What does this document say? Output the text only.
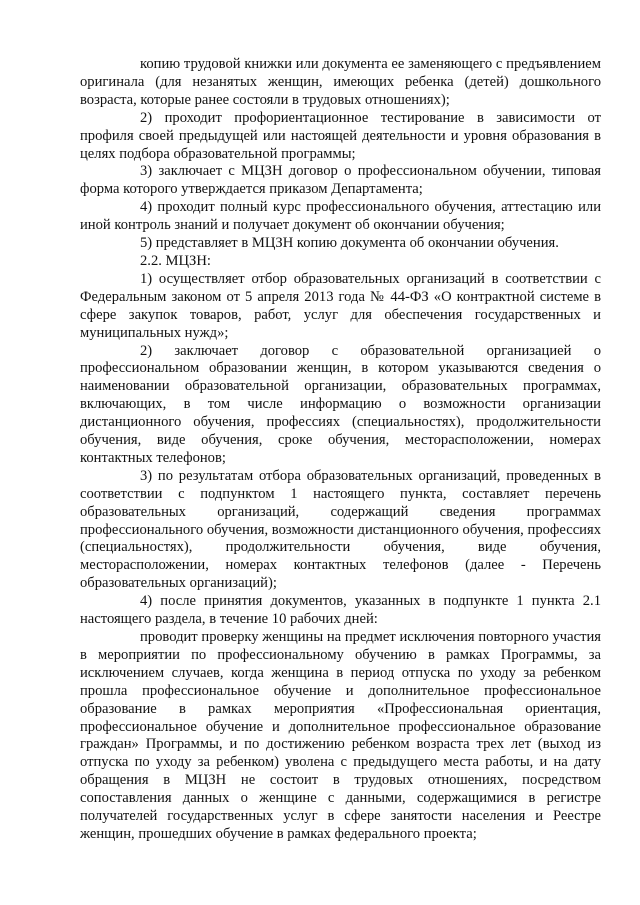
копию трудовой книжки или документа ее заменяющего с предъявлением оригинала (для незанятых женщин, имеющих ребенка (детей) дошкольного возраста, которые ранее состояли в трудовых отношениях);

2) проходит профориентационное тестирование в зависимости от профиля своей предыдущей или настоящей деятельности и уровня образования в целях подбора образовательной программы;

3) заключает с МЦЗН договор о профессиональном обучении, типовая форма которого утверждается приказом Департамента;

4) проходит полный курс профессионального обучения, аттестацию или иной контроль знаний и получает документ об окончании обучения;

5) представляет в МЦЗН копию документа об окончании обучения.

2.2. МЦЗН:

1) осуществляет отбор образовательных организаций в соответствии с Федеральным законом от 5 апреля 2013 года № 44-ФЗ «О контрактной системе в сфере закупок товаров, работ, услуг для обеспечения государственных и муниципальных нужд»;

2) заключает договор с образовательной организацией о профессиональном образовании женщин, в котором указываются сведения о наименовании образовательной организации, образовательных программах, включающих, в том числе информацию о возможности организации дистанционного обучения, профессиях (специальностях), продолжительности обучения, виде обучения, сроке обучения, месторасположении, номерах контактных телефонов;

3) по результатам отбора образовательных организаций, проведенных в соответствии с подпунктом 1 настоящего пункта, составляет перечень образовательных организаций, содержащий сведения программах профессионального обучения, возможности дистанционного обучения, профессиях (специальностях), продолжительности обучения, виде обучения, месторасположении, номерах контактных телефонов (далее - Перечень образовательных организаций);

4) после принятия документов, указанных в подпункте 1 пункта 2.1 настоящего раздела, в течение 10 рабочих дней:

проводит проверку женщины на предмет исключения повторного участия в мероприятии по профессиональному обучению в рамках Программы, за исключением случаев, когда женщина в период отпуска по уходу за ребенком прошла профессиональное обучение и дополнительное профессиональное образование в рамках мероприятия «Профессиональная ориентация, профессиональное обучение и дополнительное профессиональное образование граждан» Программы, и по достижению ребенком возраста трех лет (выход из отпуска по уходу за ребенком) уволена с предыдущего места работы, и на дату обращения в МЦЗН не состоит в трудовых отношениях, посредством сопоставления данных о женщине с данными, содержащимися в регистре получателей государственных услуг в сфере занятости населения и Реестре женщин, прошедших обучение в рамках федерального проекта;
